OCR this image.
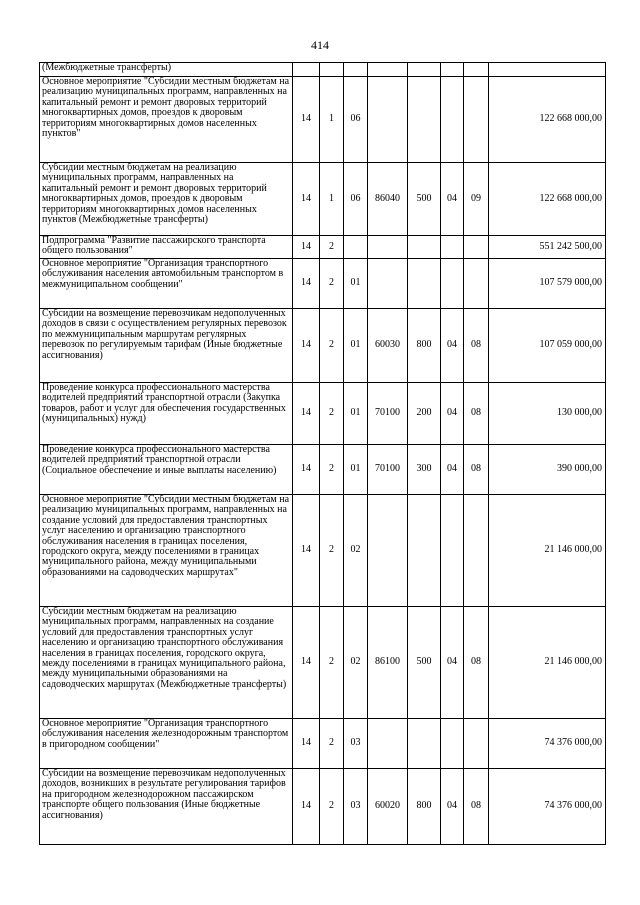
414
(Межбюджетные трансферты)								
Основное мероприятие "Субсидии местным бюджетам на реализацию муниципальных программ, направленных на капитальный ремонт и ремонт дворовых территорий многоквартирных домов, проездов к дворовым территориям многоквартирных домов населенных пунктов"	14	1	06					122 668 000,00
Субсидии местным бюджетам на реализацию муниципальных программ, направленных на капитальный ремонт и ремонт дворовых территорий многоквартирных домов, проездов к дворовым территориям многоквартирных домов населенных пунктов (Межбюджетные трансферты)	14	1	06	86040	500	04	09	122 668 000,00
Подпрограмма "Развитие пассажирского транспорта общего пользования"	14	2						551 242 500,00
Основное мероприятие "Организация транспортного обслуживания населения автомобильным транспортом в межмуниципальном сообщении"	14	2	01					107 579 000,00
Субсидии на возмещение перевозчикам недополученных доходов в связи с осуществлением регулярных перевозок по межмуниципальным маршрутам регулярных перевозок по регулируемым тарифам (Иные бюджетные ассигнования)	14	2	01	60030	800	04	08	107 059 000,00
Проведение конкурса профессионального мастерства водителей предприятий транспортной отрасли (Закупка товаров, работ и услуг для обеспечения государственных (муниципальных) нужд)	14	2	01	70100	200	04	08	130 000,00
Проведение конкурса профессионального мастерства водителей предприятий транспортной отрасли (Социальное обеспечение и иные выплаты населению)	14	2	01	70100	300	04	08	390 000,00
Основное мероприятие "Субсидии местным бюджетам на реализацию муниципальных программ, направленных на создание условий для предоставления транспортных услуг населению и организацию транспортного обслуживания населения в границах поселения, городского округа, между поселениями в границах муниципального района, между муниципальными образованиями на садоводческих маршрутах"	14	2	02					21 146 000,00
Субсидии местным бюджетам на реализацию муниципальных программ, направленных на создание условий для предоставления транспортных услуг населению и организацию транспортного обслуживания населения в границах поселения, городского округа, между поселениями в границах муниципального района, между муниципальными образованиями на садоводческих маршрутах (Межбюджетные трансферты)	14	2	02	86100	500	04	08	21 146 000,00
Основное мероприятие "Организация транспортного обслуживания населения железнодорожным транспортом в пригородном сообщении"	14	2	03					74 376 000,00
Субсидии на возмещение перевозчикам недополученных доходов, возникших в результате регулирования тарифов на пригородном железнодорожном пассажирском транспорте общего пользования (Иные бюджетные ассигнования)	14	2	03	60020	800	04	08	74 376 000,00
